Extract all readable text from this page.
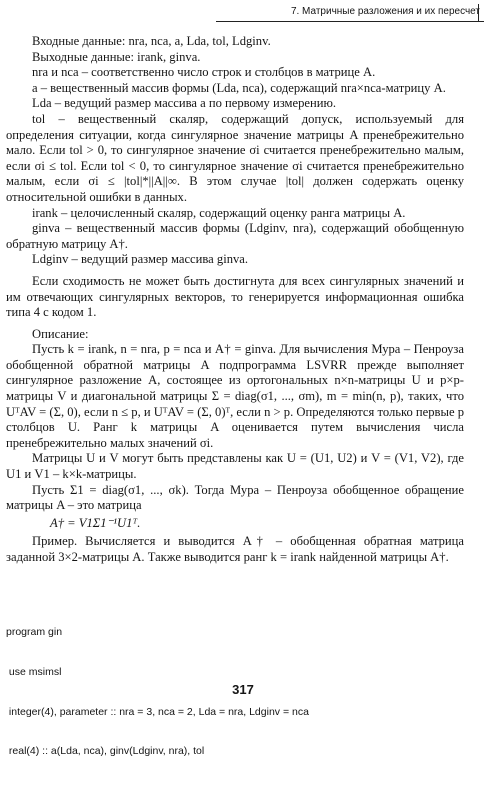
7. Матричные разложения и их пересчет

Входные данные: nra, nca, a, Lda, tol, Ldginv.

Выходные данные: irank, ginva.

nra и nca – соответственно число строк и столбцов в матрице A.

a – вещественный массив формы (Lda, nca), содержащий nra×nca-матрицу A.

Lda – ведущий размер массива a по первому измерению.

tol – вещественный скаляр, содержащий допуск, используемый для определения ситуации, когда сингулярное значение матрицы A пренебрежительно мало. Если tol > 0, то сингулярное значение σi считается пренебрежительно малым, если σi ≤ tol. Если tol < 0, то сингулярное значение σi считается пренебрежительно малым, если σi ≤ |tol|*||A||∞. В этом случае |tol| должен содержать оценку относительной ошибки в данных.

irank – целочисленный скаляр, содержащий оценку ранга матрицы A.

ginva – вещественный массив формы (Ldginv, nra), содержащий обобщенную обратную матрицу A†.

Ldginv – ведущий размер массива ginva.

Если сходимость не может быть достигнута для всех сингулярных значений и им отвечающих сингулярных векторов, то генерируется информационная ошибка типа 4 с кодом 1.

Описание:

Пусть k = irank, n = nra, p = nca и A† = ginva. Для вычисления Мура – Пенроуза обобщенной обратной матрицы A подпрограмма LSVRR прежде выполняет сингулярное разложение A, состоящее из ортогональных n×n-матрицы U и p×p-матрицы V и диагональной матрицы Σ = diag(σ1, ..., σm), m = min(n, p), таких, что UᵀAV = (Σ, 0), если n ≤ p, и UᵀAV = (Σ, 0)ᵀ, если n > p. Определяются только первые p столбцов U. Ранг k матрицы A оценивается путем вычисления числа пренебрежительно малых значений σi.

Матрицы U и V могут быть представлены как U = (U1, U2) и V = (V1, V2), где U1 и V1 – k×k-матрицы.

Пусть Σ1 = diag(σ1, ..., σk). Тогда Мура – Пенроуза обобщенное обращение матрицы A – это матрица

A† = V1Σ1⁻¹U1ᵀ.

Пример. Вычисляется и выводится A† – обобщенная обратная матрица заданной 3×2-матрицы A. Также выводится ранг k = irank найденной матрицы A†.

program gin

use msimsl

integer(4), parameter :: nra = 3, nca = 2, Lda = nra, Ldginv = nca

real(4) :: a(Lda, nca), ginv(Ldginv, nra), tol

317
